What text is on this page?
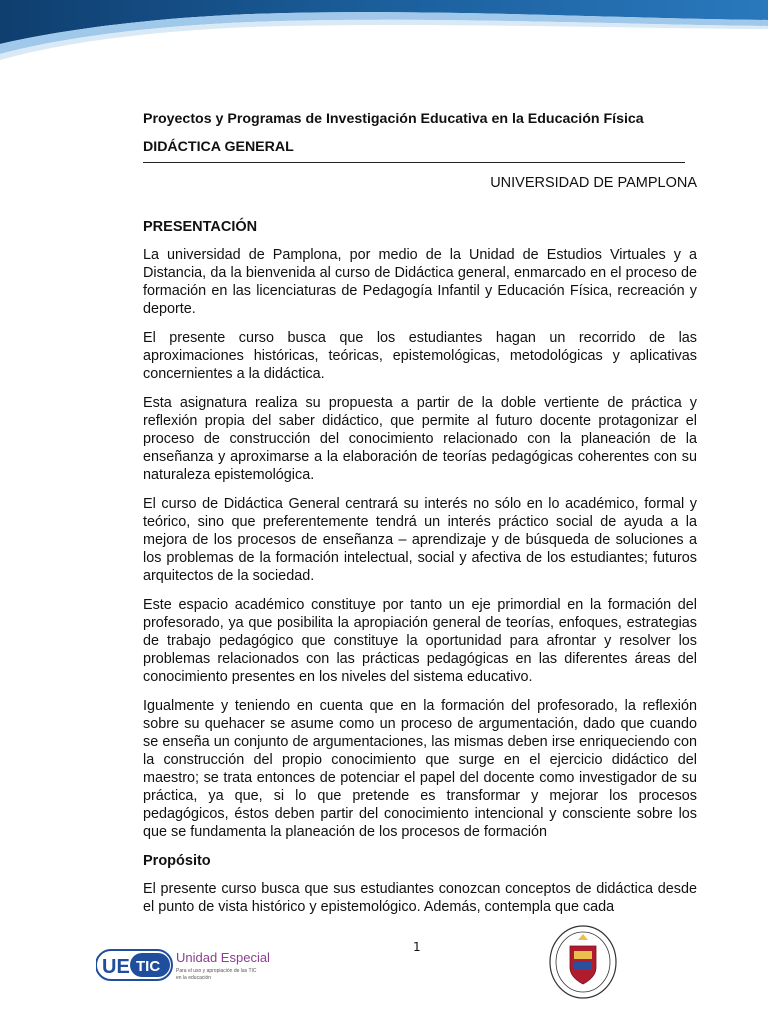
Proyectos y Programas de Investigación Educativa en la Educación Física

DIDÁCTICA GENERAL

UNIVERSIDAD DE PAMPLONA
PRESENTACIÓN

La universidad de Pamplona, por medio de la Unidad de Estudios Virtuales y a Distancia, da la bienvenida al curso de Didáctica general, enmarcado en el proceso de formación en las licenciaturas de Pedagogía Infantil y Educación Física, recreación y deporte.

El presente curso busca que los estudiantes hagan un recorrido de las aproximaciones históricas, teóricas, epistemológicas, metodológicas y aplicativas concernientes a la didáctica.

Esta asignatura realiza su propuesta a partir de la doble vertiente de práctica y reflexión propia del saber didáctico, que permite al futuro docente protagonizar el proceso de construcción del conocimiento relacionado con la planeación de la enseñanza y aproximarse a la elaboración de teorías pedagógicas coherentes con su naturaleza epistemológica.

El curso de Didáctica General centrará su interés no sólo en lo académico, formal y teórico, sino que preferentemente tendrá un interés práctico social de ayuda a la mejora de los procesos de enseñanza – aprendizaje y de búsqueda de soluciones a los problemas de la formación intelectual, social y afectiva de los estudiantes; futuros arquitectos de la sociedad.

Este espacio académico constituye por tanto un eje primordial en la formación del profesorado, ya que posibilita la apropiación general de teorías, enfoques, estrategias de trabajo pedagógico que constituye la oportunidad para afrontar y resolver los problemas relacionados con las prácticas pedagógicas en las diferentes áreas del conocimiento presentes en los niveles del sistema educativo.

Igualmente y teniendo en cuenta que en la formación del profesorado, la reflexión sobre su quehacer se asume como un proceso de argumentación, dado que cuando se enseña un conjunto de argumentaciones, las mismas deben irse enriqueciendo con la construcción del propio conocimiento que surge en el ejercicio didáctico del maestro; se trata entonces de potenciar el papel del docente como investigador de su práctica, ya que, si lo que pretende es transformar y mejorar los procesos pedagógicos, éstos deben partir del conocimiento intencional y consciente sobre los que se fundamenta la planeación de los procesos de formación

Propósito

El presente curso busca que sus estudiantes conozcan conceptos de didáctica desde el punto de vista histórico y epistemológico. Además, contempla que cada

UE TIC
Unidad Especial
Para el uso y apropiación de las TIC
en la educación
1
